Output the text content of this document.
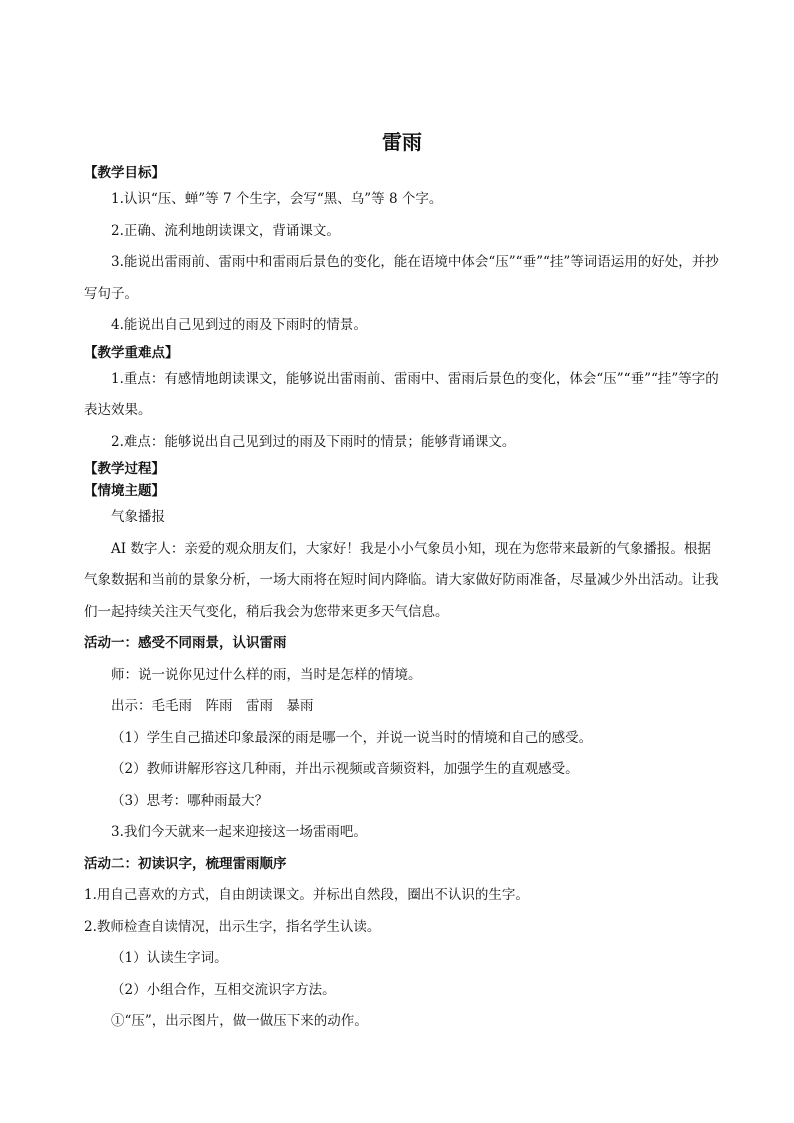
雷雨
【教学目标】
1.认识“压、蝉”等 7 个生字，会写“黑、乌”等 8 个字。
2.正确、流利地朗读课文，背诵课文。
3.能说出雷雨前、雷雨中和雷雨后景色的变化，能在语境中体会“压”“垂”“挂”等词语运用的好处，并抄写句子。
4.能说出自己见到过的雨及下雨时的情景。
【教学重难点】
1.重点：有感情地朗读课文，能够说出雷雨前、雷雨中、雷雨后景色的变化，体会“压”“垂”“挂”等字的表达效果。
2.难点：能够说出自己见到过的雨及下雨时的情景；能够背诵课文。
【教学过程】
【情境主题】
气象播报
AI 数字人：亲爱的观众朋友们，大家好！我是小小气象员小知，现在为您带来最新的气象播报。根据气象数据和当前的景象分析，一场大雨将在短时间内降临。请大家做好防雨准备，尽量减少外出活动。让我们一起持续关注天气变化，稍后我会为您带来更多天气信息。
活动一：感受不同雨景，认识雷雨
师：说一说你见过什么样的雨，当时是怎样的情境。
出示：毛毛雨　阵雨　雷雨　暴雨
（1）学生自己描述印象最深的雨是哪一个，并说一说当时的情境和自己的感受。
（2）教师讲解形容这几种雨，并出示视频或音频资料，加强学生的直观感受。
（3）思考：哪种雨最大？
3.我们今天就来一起来迎接这一场雷雨吧。
活动二：初读识字，梳理雷雨顺序
1.用自己喜欢的方式，自由朗读课文。并标出自然段，圈出不认识的生字。
2.教师检查自读情况，出示生字，指名学生认读。
（1）认读生字词。
（2）小组合作，互相交流识字方法。
①“压”，出示图片，做一做压下来的动作。
